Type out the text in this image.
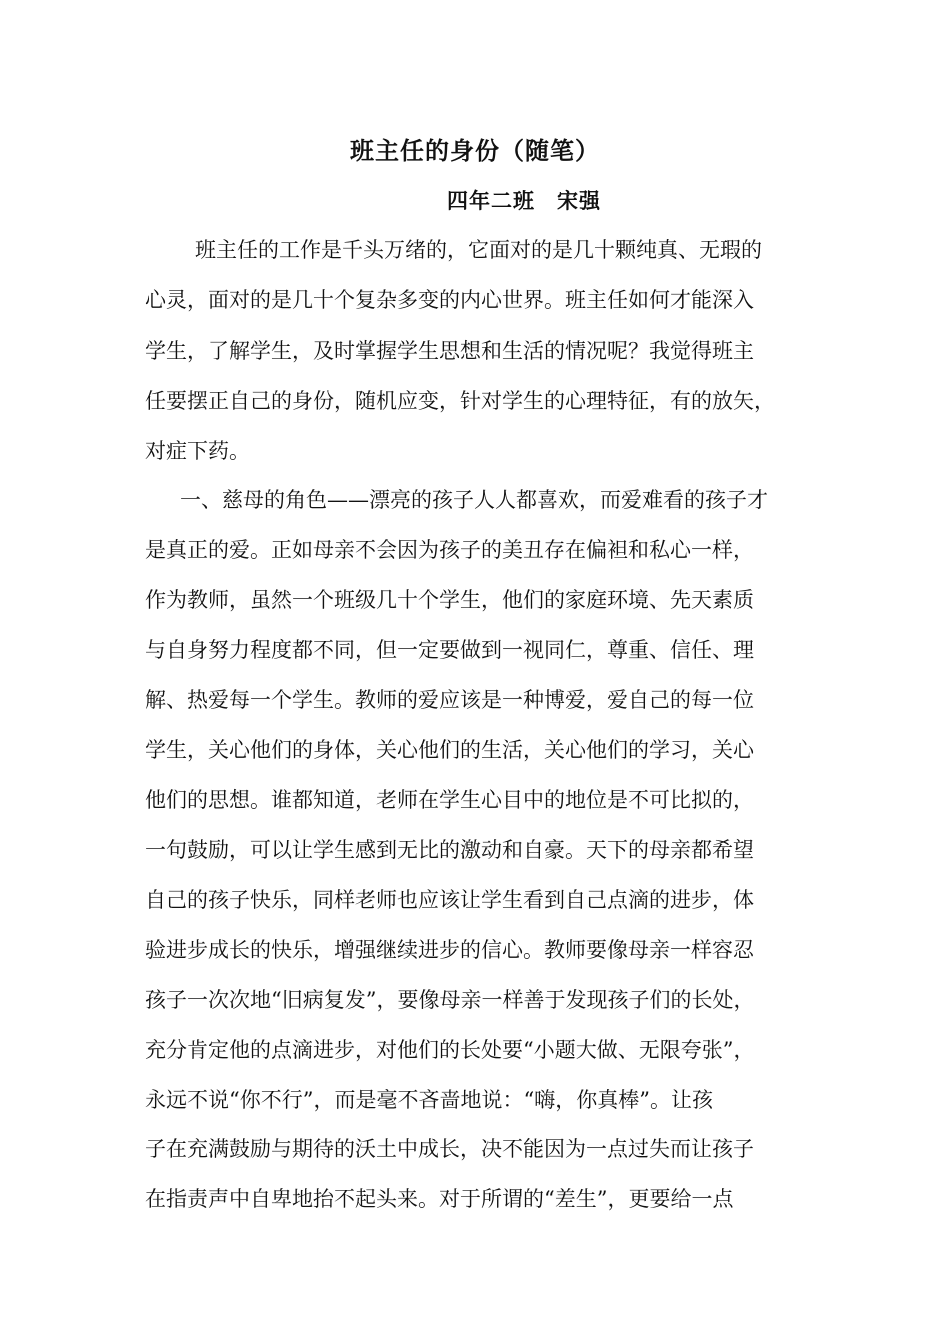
班主任的身份（随笔）
四年二班 宋强
班主任的工作是千头万绪的，它面对的是几十颗纯真、无瑕的
心灵，面对的是几十个复杂多变的内心世界。班主任如何才能深入
学生，了解学生，及时掌握学生思想和生活的情况呢？我觉得班主
任要摆正自己的身份，随机应变，针对学生的心理特征，有的放矢，
对症下药。
一、慈母的角色——漂亮的孩子人人都喜欢，而爱难看的孩子才
是真正的爱。正如母亲不会因为孩子的美丑存在偏袒和私心一样，
作为教师，虽然一个班级几十个学生，他们的家庭环境、先天素质
与自身努力程度都不同，但一定要做到一视同仁，尊重、信任、理
解、热爱每一个学生。教师的爱应该是一种博爱，爱自己的每一位
学生，关心他们的身体，关心他们的生活，关心他们的学习，关心
他们的思想。谁都知道，老师在学生心目中的地位是不可比拟的，
一句鼓励，可以让学生感到无比的激动和自豪。天下的母亲都希望
自己的孩子快乐，同样老师也应该让学生看到自己点滴的进步，体
验进步成长的快乐，增强继续进步的信心。教师要像母亲一样容忍
孩子一次次地“旧病复发”，要像母亲一样善于发现孩子们的长处，
充分肯定他的点滴进步，对他们的长处要“小题大做、无限夸张”，
永远不说“你不行”，而是毫不吝啬地说：“嗨，你真棒”。让孩
子在充满鼓励与期待的沃土中成长，决不能因为一点过失而让孩子
在指责声中自卑地抬不起头来。对于所谓的“差生”，更要给一点
